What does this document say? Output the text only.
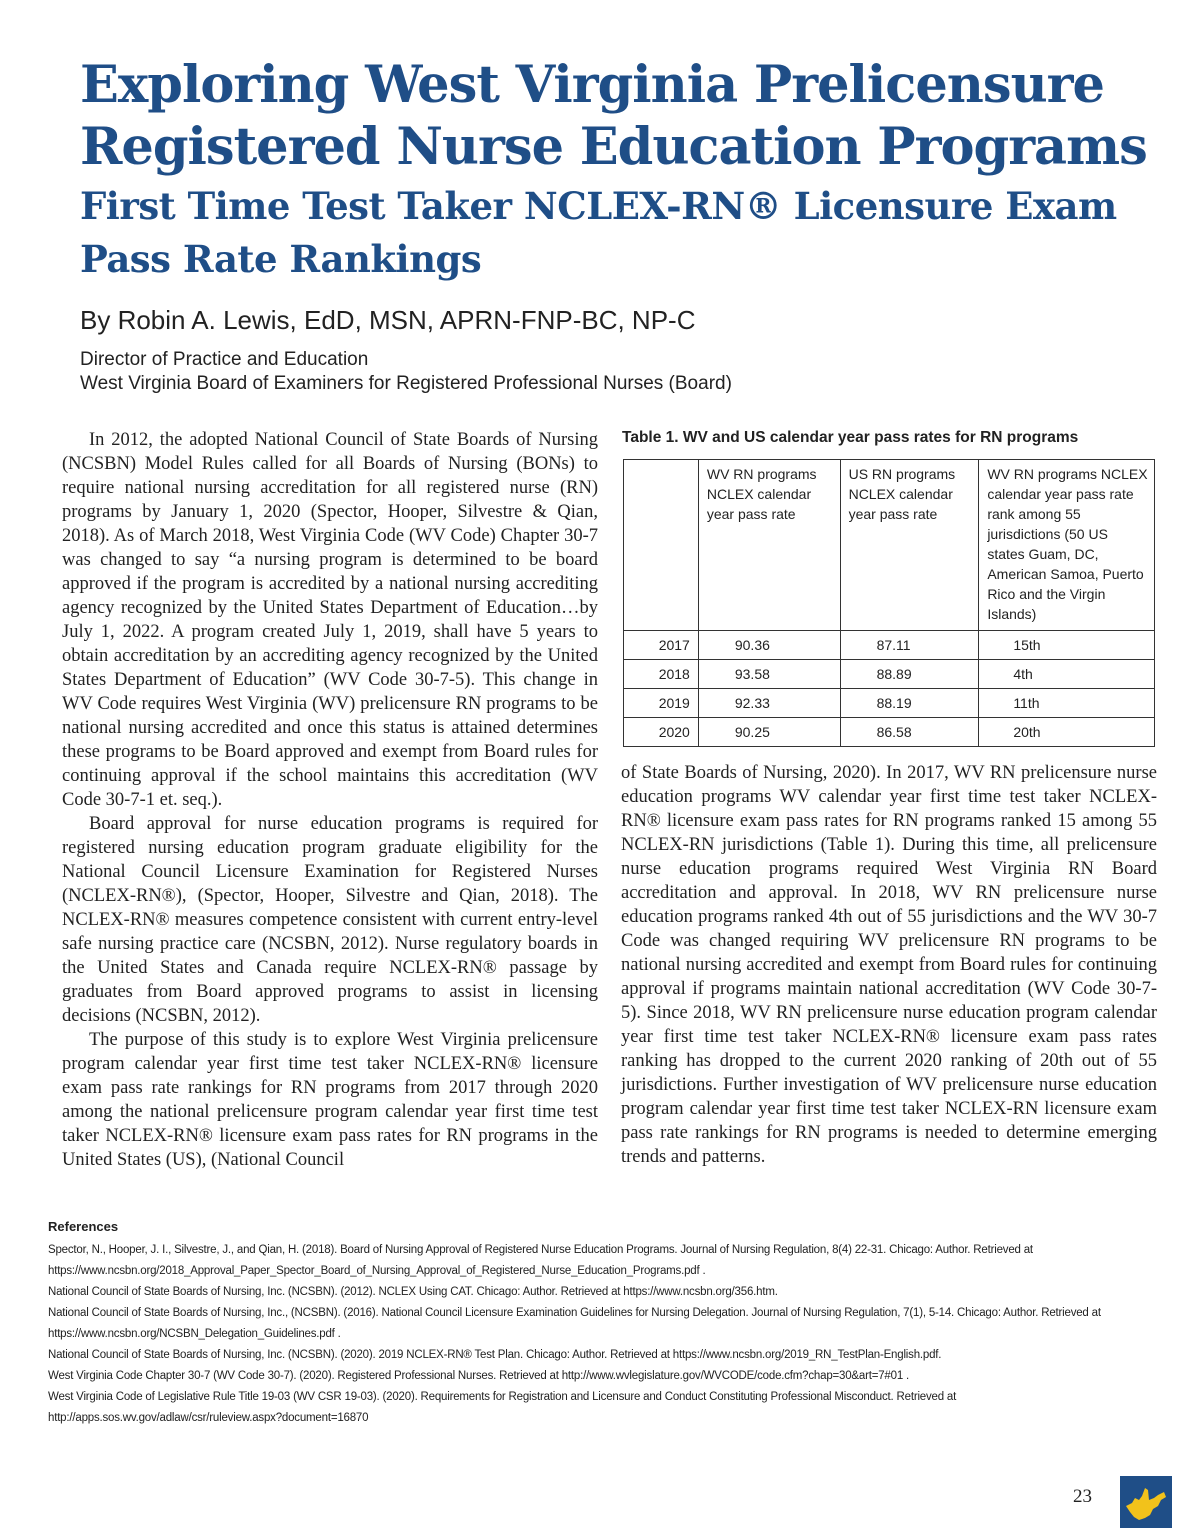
Exploring West Virginia Prelicensure Registered Nurse Education Programs
First Time Test Taker NCLEX-RN® Licensure Exam Pass Rate Rankings

By Robin A. Lewis, EdD, MSN, APRN-FNP-BC, NP-C

Director of Practice and Education
West Virginia Board of Examiners for Registered Professional Nurses (Board)

In 2012, the adopted National Council of State Boards of Nursing (NCSBN) Model Rules called for all Boards of Nursing (BONs) to require national nursing accreditation for all registered nurse (RN) programs by January 1, 2020 (Spector, Hooper, Silvestre & Qian, 2018). As of March 2018, West Virginia Code (WV Code) Chapter 30-7 was changed to say “a nursing program is determined to be board approved if the program is accredited by a national nursing accrediting agency recognized by the United States Department of Education…by July 1, 2022. A program created July 1, 2019, shall have 5 years to obtain accreditation by an accrediting agency recognized by the United States Department of Education” (WV Code 30-7-5). This change in WV Code requires West Virginia (WV) prelicensure RN programs to be national nursing accredited and once this status is attained determines these programs to be Board approved and exempt from Board rules for continuing approval if the school maintains this accreditation (WV Code 30-7-1 et. seq.).

Board approval for nurse education programs is required for registered nursing education program graduate eligibility for the National Council Licensure Examination for Registered Nurses (NCLEX-RN®), (Spector, Hooper, Silvestre and Qian, 2018). The NCLEX-RN® measures competence consistent with current entry-level safe nursing practice care (NCSBN, 2012). Nurse regulatory boards in the United States and Canada require NCLEX-RN® passage by graduates from Board approved programs to assist in licensing decisions (NCSBN, 2012).

The purpose of this study is to explore West Virginia prelicensure program calendar year first time test taker NCLEX-RN® licensure exam pass rate rankings for RN programs from 2017 through 2020 among the national prelicensure program calendar year first time test taker NCLEX-RN® licensure exam pass rates for RN programs in the United States (US), (National Council

Table 1. WV and US calendar year pass rates for RN programs
	WV RN programs NCLEX calendar year pass rate	US RN programs NCLEX calendar year pass rate	WV RN programs NCLEX calendar year pass rate rank among 55 jurisdictions (50 US states Guam, DC, American Samoa, Puerto Rico and the Virgin Islands)
2017	90.36	87.11	15th
2018	93.58	88.89	4th
2019	92.33	88.19	11th
2020	90.25	86.58	20th

of State Boards of Nursing, 2020). In 2017, WV RN prelicensure nurse education programs WV calendar year first time test taker NCLEX-RN® licensure exam pass rates for RN programs ranked 15 among 55 NCLEX-RN jurisdictions (Table 1). During this time, all prelicensure nurse education programs required West Virginia RN Board accreditation and approval. In 2018, WV RN prelicensure nurse education programs ranked 4th out of 55 jurisdictions and the WV 30-7 Code was changed requiring WV prelicensure RN programs to be national nursing accredited and exempt from Board rules for continuing approval if programs maintain national accreditation (WV Code 30-7-5). Since 2018, WV RN prelicensure nurse education program calendar year first time test taker NCLEX-RN® licensure exam pass rates ranking has dropped to the current 2020 ranking of 20th out of 55 jurisdictions. Further investigation of WV prelicensure nurse education program calendar year first time test taker NCLEX-RN licensure exam pass rate rankings for RN programs is needed to determine emerging trends and patterns.

References

Spector, N., Hooper, J. I., Silvestre, J., and Qian, H. (2018). Board of Nursing Approval of Registered Nurse Education Programs. Journal of Nursing Regulation, 8(4) 22-31. Chicago: Author. Retrieved at https://www.ncsbn.org/2018_Approval_Paper_Spector_Board_of_Nursing_Approval_of_Registered_Nurse_Education_Programs.pdf .

National Council of State Boards of Nursing, Inc. (NCSBN). (2012). NCLEX Using CAT. Chicago: Author. Retrieved at https://www.ncsbn.org/356.htm.

National Council of State Boards of Nursing, Inc., (NCSBN). (2016). National Council Licensure Examination Guidelines for Nursing Delegation. Journal of Nursing Regulation, 7(1), 5-14. Chicago: Author. Retrieved at https://www.ncsbn.org/NCSBN_Delegation_Guidelines.pdf .

National Council of State Boards of Nursing, Inc. (NCSBN). (2020). 2019 NCLEX-RN® Test Plan. Chicago: Author. Retrieved at https://www.ncsbn.org/2019_RN_TestPlan-English.pdf.

West Virginia Code Chapter 30-7 (WV Code 30-7). (2020). Registered Professional Nurses. Retrieved at http://www.wvlegislature.gov/WVCODE/code.cfm?chap=30&art=7#01 .

West Virginia Code of Legislative Rule Title 19-03 (WV CSR 19-03). (2020). Requirements for Registration and Licensure and Conduct Constituting Professional Misconduct. Retrieved at http://apps.sos.wv.gov/adlaw/csr/ruleview.aspx?document=16870

23
